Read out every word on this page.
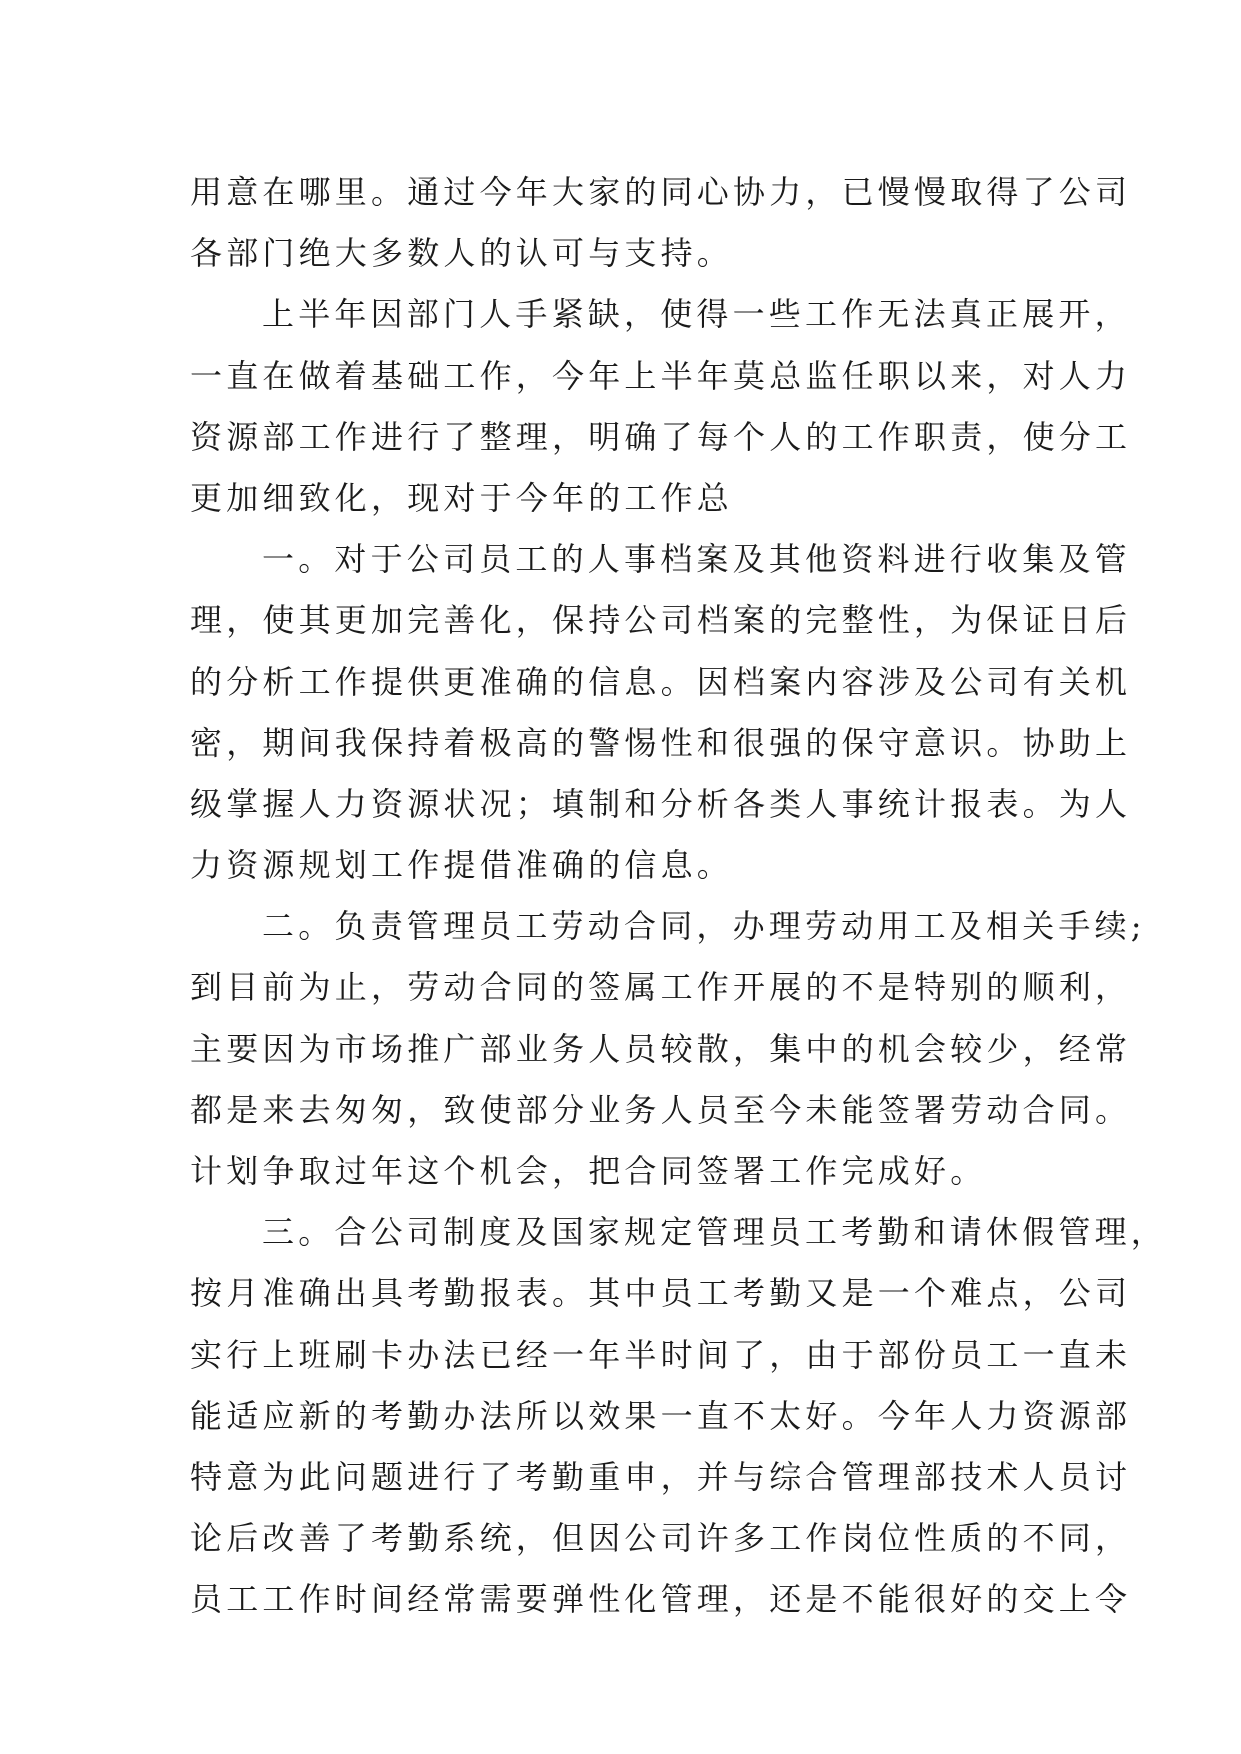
用意在哪里。通过今年大家的同心协力，已慢慢取得了公司
各部门绝大多数人的认可与支持。

上半年因部门人手紧缺，使得一些工作无法真正展开，
一直在做着基础工作，今年上半年莫总监任职以来，对人力
资源部工作进行了整理，明确了每个人的工作职责，使分工
更加细致化，现对于今年的工作总

一。对于公司员工的人事档案及其他资料进行收集及管
理，使其更加完善化，保持公司档案的完整性，为保证日后
的分析工作提供更准确的信息。因档案内容涉及公司有关机
密，期间我保持着极高的警惕性和很强的保守意识。协助上
级掌握人力资源状况；填制和分析各类人事统计报表。为人
力资源规划工作提借准确的信息。

二。负责管理员工劳动合同，办理劳动用工及相关手续;
到目前为止，劳动合同的签属工作开展的不是特别的顺利，
主要因为市场推广部业务人员较散，集中的机会较少，经常
都是来去匆匆，致使部分业务人员至今未能签署劳动合同。
计划争取过年这个机会，把合同签署工作完成好。

三。合公司制度及国家规定管理员工考勤和请休假管理，
按月准确出具考勤报表。其中员工考勤又是一个难点，公司
实行上班刷卡办法已经一年半时间了，由于部份员工一直未
能适应新的考勤办法所以效果一直不太好。今年人力资源部
特意为此问题进行了考勤重申，并与综合管理部技术人员讨
论后改善了考勤系统，但因公司许多工作岗位性质的不同，
员工工作时间经常需要弹性化管理，还是不能很好的交上令
